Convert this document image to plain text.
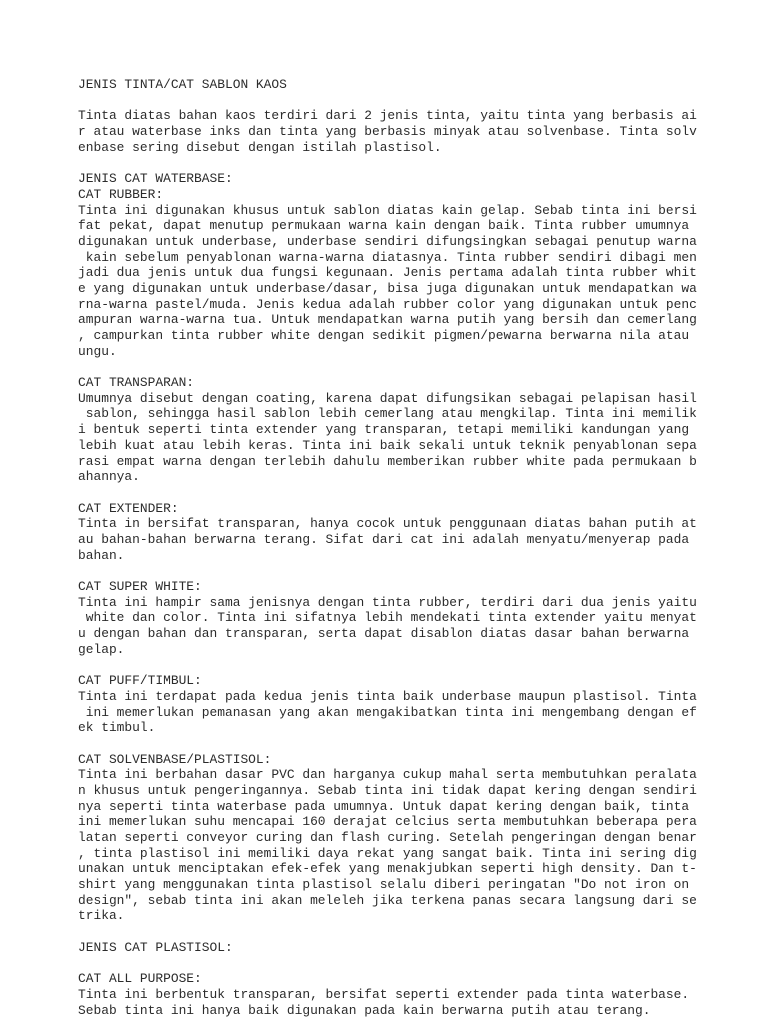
JENIS TINTA/CAT SABLON KAOS
Tinta diatas bahan kaos terdiri dari 2 jenis tinta, yaitu tinta yang berbasis ai
r atau waterbase inks dan tinta yang berbasis minyak atau solvenbase. Tinta solv
enbase sering disebut dengan istilah plastisol.
JENIS CAT WATERBASE:
CAT RUBBER:
Tinta ini digunakan khusus untuk sablon diatas kain gelap. Sebab tinta ini bersi
fat pekat, dapat menutup permukaan warna kain dengan baik. Tinta rubber umumnya
digunakan untuk underbase, underbase sendiri difungsingkan sebagai penutup warna
kain sebelum penyablonan warna-warna diatasnya. Tinta rubber sendiri dibagi men
jadi dua jenis untuk dua fungsi kegunaan. Jenis pertama adalah tinta rubber whit
e yang digunakan untuk underbase/dasar, bisa juga digunakan untuk mendapatkan wa
rna-warna pastel/muda. Jenis kedua adalah rubber color yang digunakan untuk penc
ampuran warna-warna tua. Untuk mendapatkan warna putih yang bersih dan cemerlang
, campurkan tinta rubber white dengan sedikit pigmen/pewarna berwarna nila atau
ungu.
CAT TRANSPARAN:
Umumnya disebut dengan coating, karena dapat difungsikan sebagai pelapisan hasil
sablon, sehingga hasil sablon lebih cemerlang atau mengkilap. Tinta ini memilik
i bentuk seperti tinta extender yang transparan, tetapi memiliki kandungan yang
lebih kuat atau lebih keras. Tinta ini baik sekali untuk teknik penyablonan sepa
rasi empat warna dengan terlebih dahulu memberikan rubber white pada permukaan b
ahannya.
CAT EXTENDER:
Tinta in bersifat transparan, hanya cocok untuk penggunaan diatas bahan putih at
au bahan-bahan berwarna terang. Sifat dari cat ini adalah menyatu/menyerap pada
bahan.
CAT SUPER WHITE:
Tinta ini hampir sama jenisnya dengan tinta rubber, terdiri dari dua jenis yaitu
white dan color. Tinta ini sifatnya lebih mendekati tinta extender yaitu menyat
u dengan bahan dan transparan, serta dapat disablon diatas dasar bahan berwarna
gelap.
CAT PUFF/TIMBUL:
Tinta ini terdapat pada kedua jenis tinta baik underbase maupun plastisol. Tinta
ini memerlukan pemanasan yang akan mengakibatkan tinta ini mengembang dengan ef
ek timbul.
CAT SOLVENBASE/PLASTISOL:
Tinta ini berbahan dasar PVC dan harganya cukup mahal serta membutuhkan peralata
n khusus untuk pengeringannya. Sebab tinta ini tidak dapat kering dengan sendiri
nya seperti tinta waterbase pada umumnya. Untuk dapat kering dengan baik, tinta
ini memerlukan suhu mencapai 160 derajat celcius serta membutuhkan beberapa pera
latan seperti conveyor curing dan flash curing. Setelah pengeringan dengan benar
, tinta plastisol ini memiliki daya rekat yang sangat baik. Tinta ini sering dig
unakan untuk menciptakan efek-efek yang menakjubkan seperti high density. Dan t-
shirt yang menggunakan tinta plastisol selalu diberi peringatan "Do not iron on
design", sebab tinta ini akan meleleh jika terkena panas secara langsung dari se
trika.
JENIS CAT PLASTISOL:
CAT ALL PURPOSE:
Tinta ini berbentuk transparan, bersifat seperti extender pada tinta waterbase.
Sebab tinta ini hanya baik digunakan pada kain berwarna putih atau terang.
